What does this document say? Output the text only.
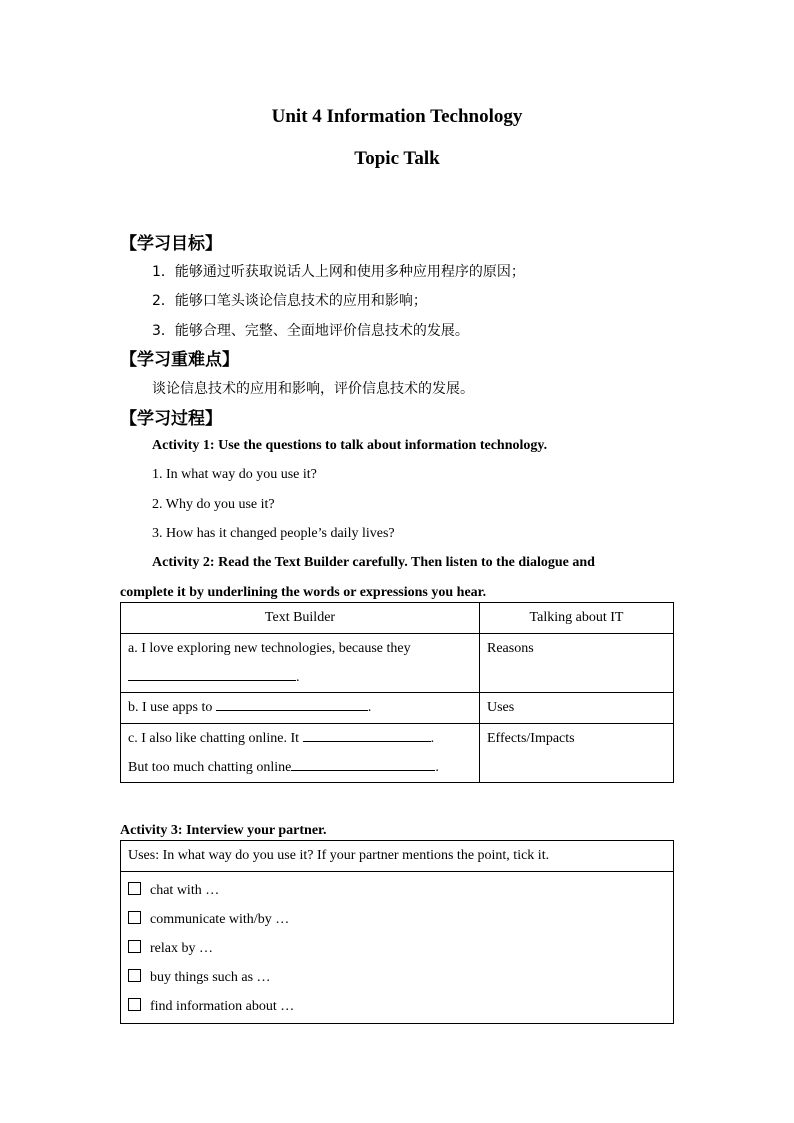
Unit 4 Information Technology
Topic Talk
【学习目标】
1．能够通过听获取说话人上网和使用多种应用程序的原因；
2．能够口笔头谈论信息技术的应用和影响；
3．能够合理、完整、全面地评价信息技术的发展。
【学习重难点】
谈论信息技术的应用和影响，评价信息技术的发展。
【学习过程】
Activity 1: Use the questions to talk about information technology.
1. In what way do you use it?
2. Why do you use it?
3. How has it changed people’s daily lives?
Activity 2: Read the Text Builder carefully. Then listen to the dialogue and
complete it by underlining the words or expressions you hear.
Text Builder	Talking about IT
a. I love exploring new technologies, because they
.	Reasons
b. I use apps to .	Uses
c. I also like chatting online. It .
But too much chatting online .	Effects/Impacts
Activity 3: Interview your partner.
Uses: In what way do you use it? If your partner mentions the point, tick it.

chat with …
communicate with/by …
relax by …
buy things such as …
find information about …
